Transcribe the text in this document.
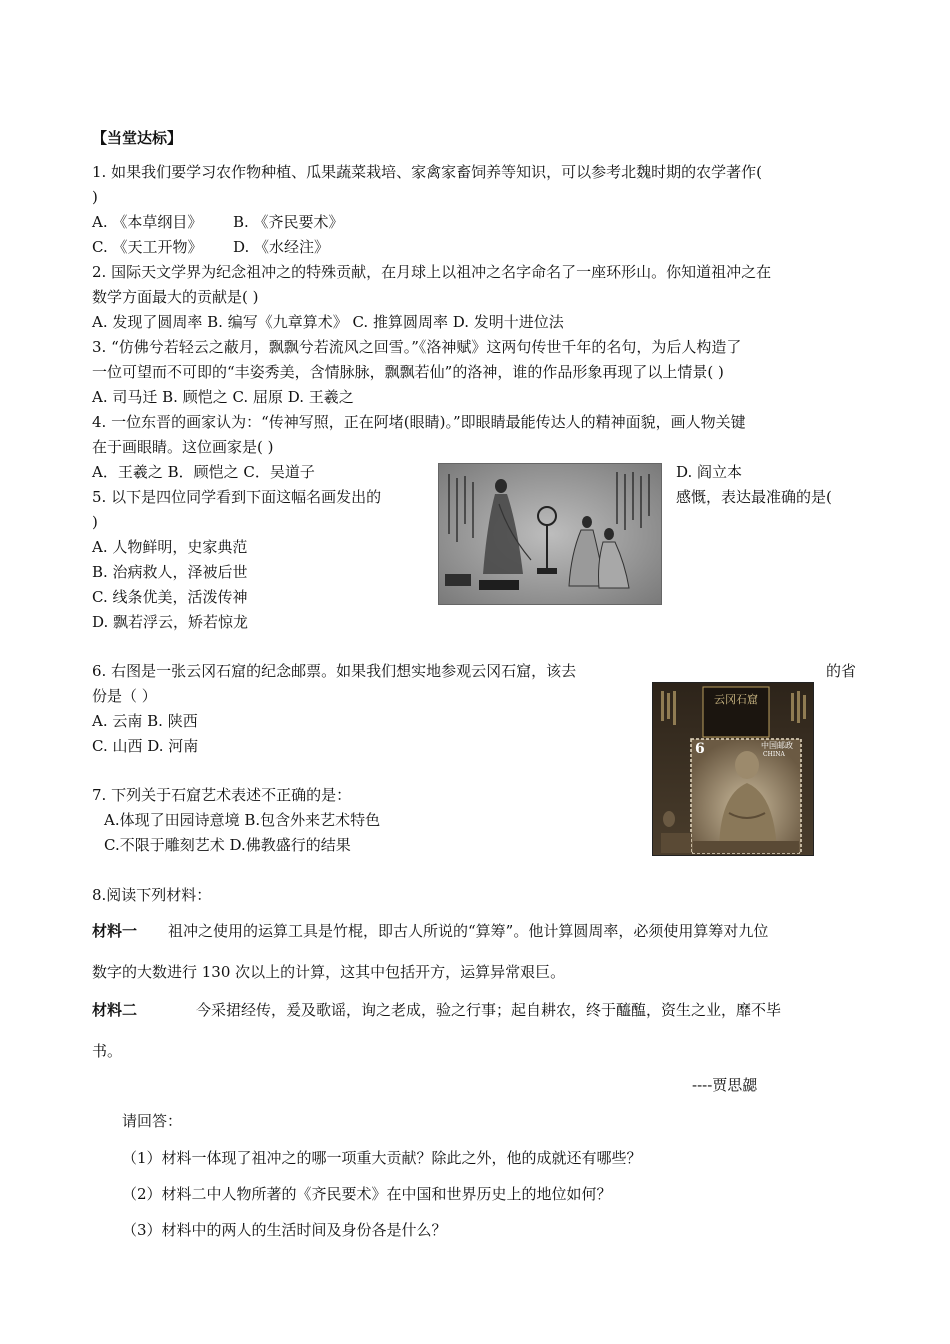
【当堂达标】
1. 如果我们要学习农作物种植、瓜果蔬菜栽培、家禽家畜饲养等知识，可以参考北魏时期的农学著作(
)
A. 《本草纲目》 B. 《齐民要术》
C. 《天工开物》 D. 《水经注》
2. 国际天文学界为纪念祖冲之的特殊贡献，在月球上以祖冲之名字命名了一座环形山。你知道祖冲之在
数学方面最大的贡献是( )
A. 发现了圆周率 B. 编写《九章算术》 C. 推算圆周率 D. 发明十进位法
3. “仿佛兮若轻云之蔽月，飘飘兮若流风之回雪。”《洛神赋》这两句传世千年的名句，为后人构造了
一位可望而不可即的“丰姿秀美，含情脉脉，飘飘若仙”的洛神，谁的作品形象再现了以上情景( )
A. 司马迁 B. 顾恺之 C. 屈原 D. 王羲之
4. 一位东晋的画家认为：“传神写照，正在阿堵(眼睛)。”即眼睛最能传达人的精神面貌，画人物关键
在于画眼睛。这位画家是( )
A．王羲之 B．顾恺之 C．吴道子	D. 阎立本
5. 以下是四位同学看到下面这幅名画发出的	感慨，表达最准确的是(
)
A. 人物鲜明，史家典范
B. 治病救人，泽被后世
C. 线条优美，活泼传神
D. 飘若浮云，矫若惊龙
6. 右图是一张云冈石窟的纪念邮票。如果我们想实地参观云冈石窟，该去	的省
份是（ ）
A. 云南 B. 陕西
C. 山西 D. 河南
云冈石窟
6	中国邮政
CHINA
7. 下列关于石窟艺术表述不正确的是：
A.体现了田园诗意境 B.包含外来艺术特色
C.不限于雕刻艺术 D.佛教盛行的结果
8.阅读下列材料：
材料一 祖冲之使用的运算工具是竹棍，即古人所说的“算筹”。他计算圆周率，必须使用算筹对九位
数字的大数进行 130 次以上的计算，这其中包括开方，运算异常艰巨。
材料二	今采捃经传，爰及歌谣，询之老成，验之行事；起自耕农，终于醯醢，资生之业，靡不毕
书。
----贾思勰
请回答：
（1）材料一体现了祖冲之的哪一项重大贡献？除此之外，他的成就还有哪些？
（2）材料二中人物所著的《齐民要术》在中国和世界历史上的地位如何？
（3）材料中的两人的生活时间及身份各是什么？
